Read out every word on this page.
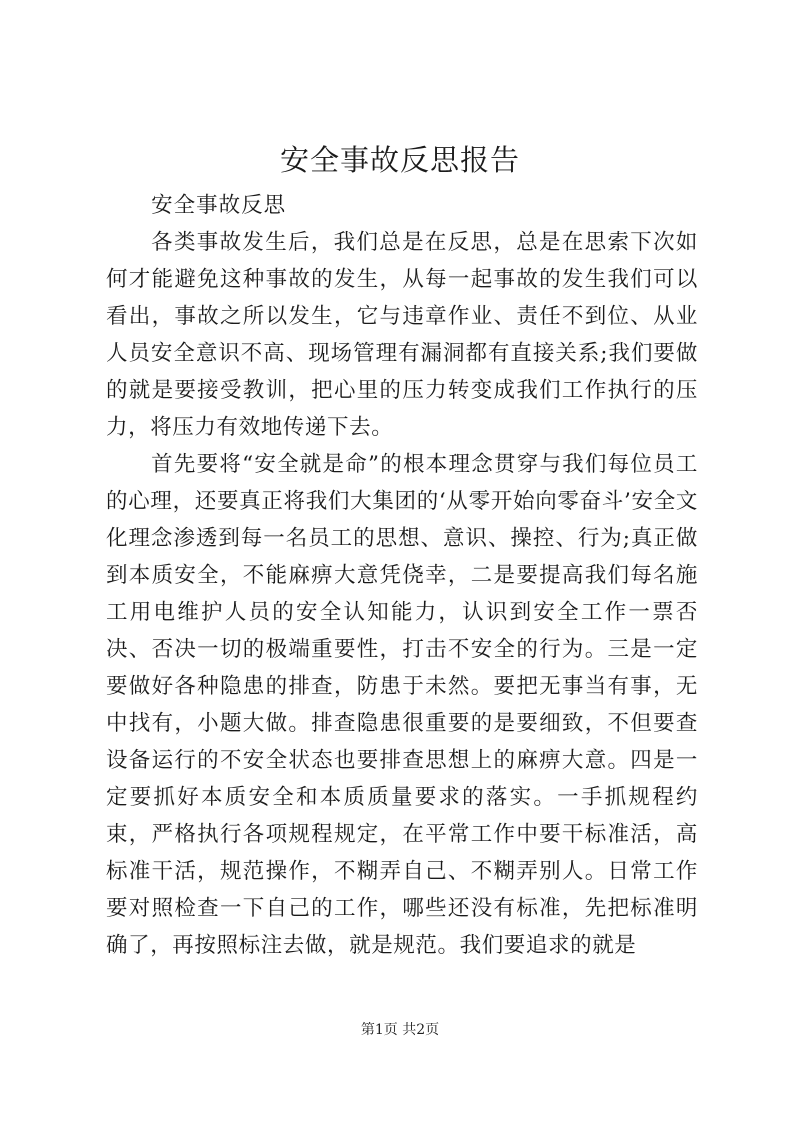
安全事故反思报告

安全事故反思

各类事故发生后，我们总是在反思，总是在思索下次如何才能避免这种事故的发生，从每一起事故的发生我们可以看出，事故之所以发生，它与违章作业、责任不到位、从业人员安全意识不高、现场管理有漏洞都有直接关系;我们要做的就是要接受教训，把心里的压力转变成我们工作执行的压力，将压力有效地传递下去。

首先要将“安全就是命”的根本理念贯穿与我们每位员工的心理，还要真正将我们大集团的‘从零开始向零奋斗’安全文化理念渗透到每一名员工的思想、意识、操控、行为;真正做到本质安全，不能麻痹大意凭侥幸，二是要提高我们每名施工用电维护人员的安全认知能力，认识到安全工作一票否决、否决一切的极端重要性，打击不安全的行为。三是一定要做好各种隐患的排查，防患于未然。要把无事当有事，无中找有，小题大做。排查隐患很重要的是要细致，不但要查设备运行的不安全状态也要排查思想上的麻痹大意。四是一定要抓好本质安全和本质质量要求的落实。一手抓规程约束，严格执行各项规程规定，在平常工作中要干标准活，高标准干活，规范操作，不糊弄自己、不糊弄别人。日常工作要对照检查一下自己的工作，哪些还没有标准，先把标准明确了，再按照标注去做，就是规范。我们要追求的就是

第1页 共2页
